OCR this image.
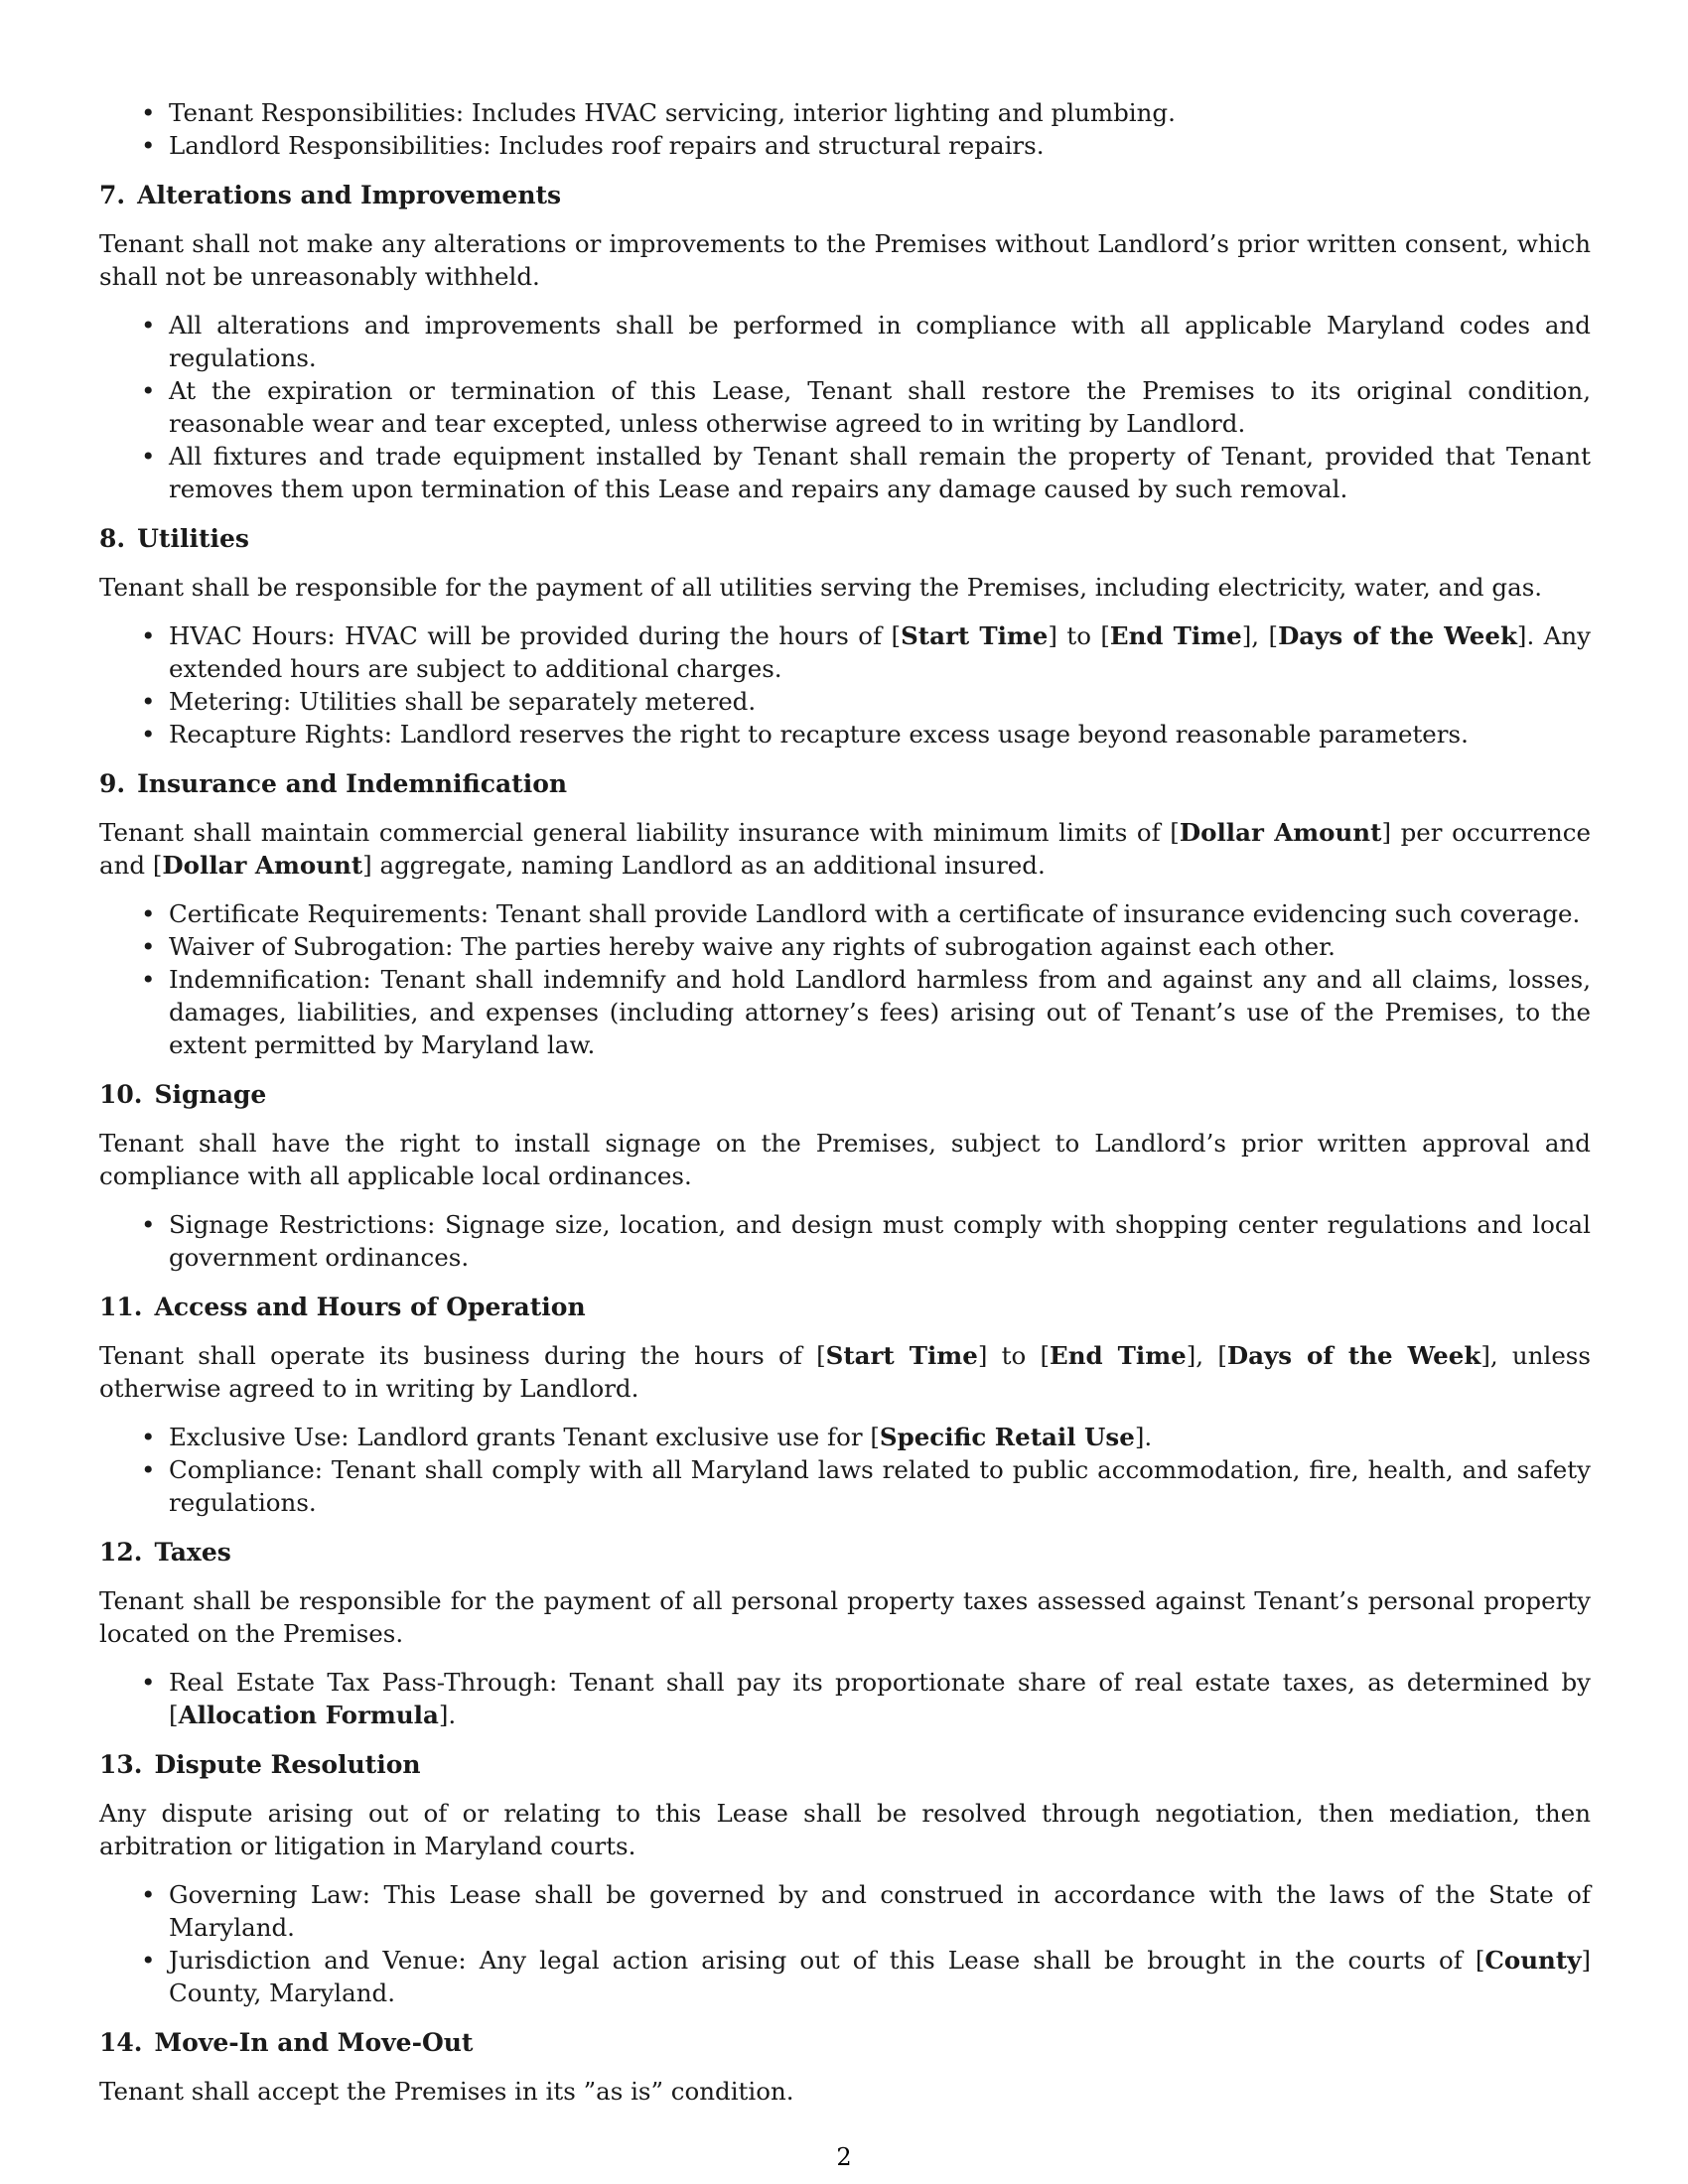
• Tenant Responsibilities: Includes HVAC servicing, interior lighting and plumbing.
• Landlord Responsibilities: Includes roof repairs and structural repairs.
7. Alterations and Improvements

Tenant shall not make any alterations or improvements to the Premises without Landlord’s prior written consent, which shall not be unreasonably withheld.

• All alterations and improvements shall be performed in compliance with all applicable Maryland codes and regulations.
• At the expiration or termination of this Lease, Tenant shall restore the Premises to its original condition, reasonable wear and tear excepted, unless otherwise agreed to in writing by Landlord.
• All fixtures and trade equipment installed by Tenant shall remain the property of Tenant, provided that Tenant removes them upon termination of this Lease and repairs any damage caused by such removal.
8. Utilities

Tenant shall be responsible for the payment of all utilities serving the Premises, including electricity, water, and gas.

• HVAC Hours: HVAC will be provided during the hours of [Start Time] to [End Time], [Days of the Week]. Any extended hours are subject to additional charges.
• Metering: Utilities shall be separately metered.
• Recapture Rights: Landlord reserves the right to recapture excess usage beyond reasonable parameters.
9. Insurance and Indemnification

Tenant shall maintain commercial general liability insurance with minimum limits of [Dollar Amount] per occurrence and [Dollar Amount] aggregate, naming Landlord as an additional insured.

• Certificate Requirements: Tenant shall provide Landlord with a certificate of insurance evidencing such coverage.
• Waiver of Subrogation: The parties hereby waive any rights of subrogation against each other.
• Indemnification: Tenant shall indemnify and hold Landlord harmless from and against any and all claims, losses, damages, liabilities, and expenses (including attorney’s fees) arising out of Tenant’s use of the Premises, to the extent permitted by Maryland law.
10. Signage

Tenant shall have the right to install signage on the Premises, subject to Landlord’s prior written approval and compliance with all applicable local ordinances.

• Signage Restrictions: Signage size, location, and design must comply with shopping center regulations and local government ordinances.
11. Access and Hours of Operation

Tenant shall operate its business during the hours of [Start Time] to [End Time], [Days of the Week], unless otherwise agreed to in writing by Landlord.

• Exclusive Use: Landlord grants Tenant exclusive use for [Specific Retail Use].
• Compliance: Tenant shall comply with all Maryland laws related to public accommodation, fire, health, and safety regulations.
12. Taxes

Tenant shall be responsible for the payment of all personal property taxes assessed against Tenant’s personal property located on the Premises.

• Real Estate Tax Pass-Through: Tenant shall pay its proportionate share of real estate taxes, as determined by [Allocation Formula].
13. Dispute Resolution

Any dispute arising out of or relating to this Lease shall be resolved through negotiation, then mediation, then arbitration or litigation in Maryland courts.

• Governing Law: This Lease shall be governed by and construed in accordance with the laws of the State of Maryland.
• Jurisdiction and Venue: Any legal action arising out of this Lease shall be brought in the courts of [County] County, Maryland.
14. Move-In and Move-Out

Tenant shall accept the Premises in its ”as is” condition.

2
